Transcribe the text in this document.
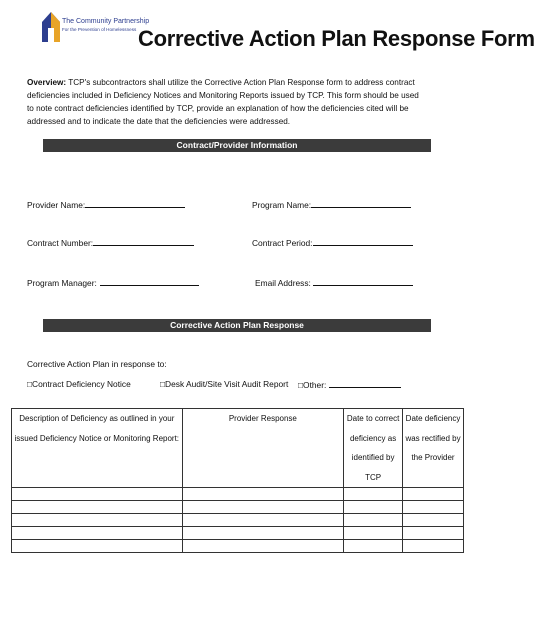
The Community Partnership
For the Prevention of Homelessness Corrective Action Plan Response Form
Overview: TCP's subcontractors shall utilize the Corrective Action Plan Response form to address contract deficiencies included in Deficiency Notices and Monitoring Reports issued by TCP. This form should be used to note contract deficiencies identified by TCP, provide an explanation of how the deficiencies cited will be addressed and to indicate the date that the deficiencies were addressed.
Contract/Provider Information
Provider Name:	Program Name:
Contract Number:	Contract Period:
Program Manager:	Email Address:
Corrective Action Plan Response
Corrective Action Plan in response to:
□Contract Deficiency Notice	□Desk Audit/Site Visit Audit Report □Other:
Description of Deficiency as outlined in your issued Deficiency Notice or Monitoring Report:	Provider Response	Date to correct deficiency as identified by TCP	Date deficiency was rectified by the Provider
